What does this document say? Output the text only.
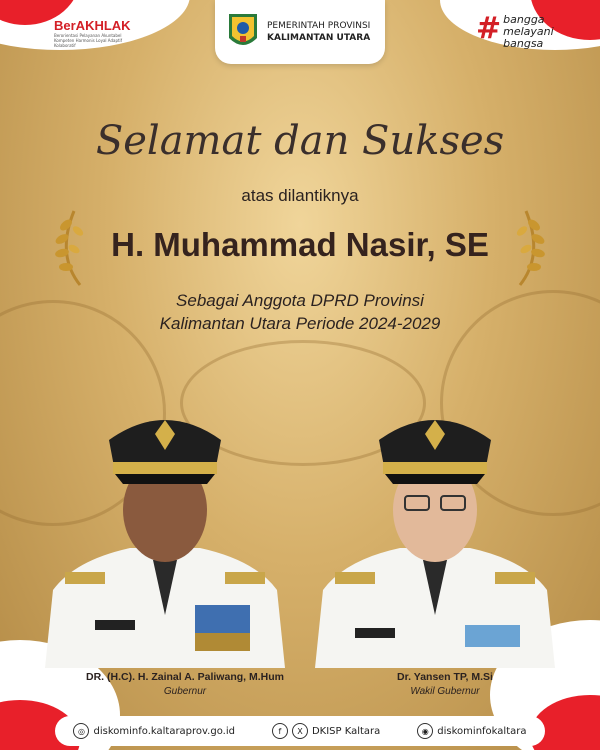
BerAKHLAK
Berorientasi Pelayanan Akuntabel Kompeten Harmonis Loyal Adaptif Kolaboratif
PEMERINTAH PROVINSI
KALIMANTAN UTARA	# bangga
melayani
bangsa
Selamat dan Sukses
atas dilantiknya
H. Muhammad Nasir, SE
Sebagai Anggota DPRD Provinsi
Kalimantan Utara Periode 2024-2029
DR. (H.C). H. Zainal A. Paliwang, M.Hum
Gubernur
Dr. Yansen TP, M.Si
Wakil Gubernur
◎ diskominfo.kaltaraprov.go.id	f	X DKISP Kaltara	◉ diskominfokaltara
